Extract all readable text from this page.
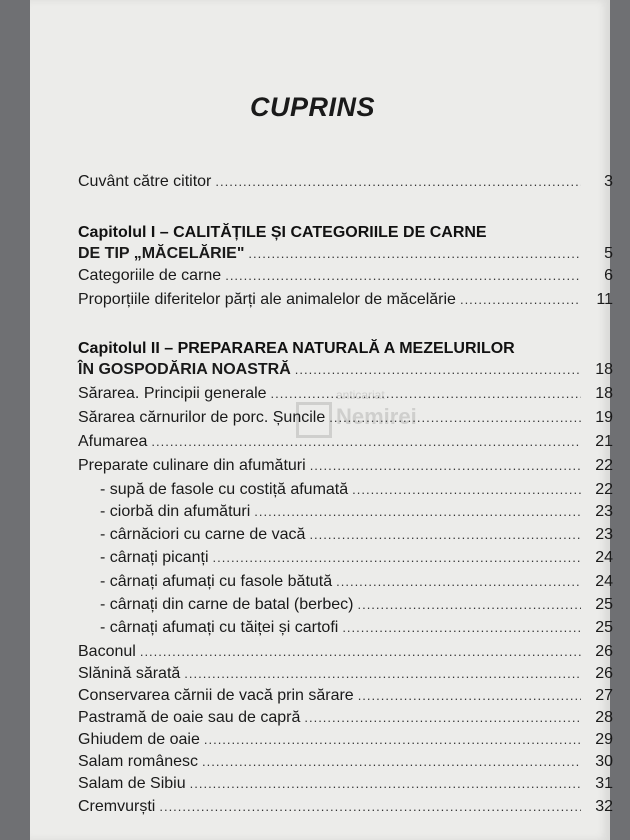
CUPRINS
anticariat
Nemirei
Cuvânt către cititor .....	3
Capitolul I – CALITĂȚILE ȘI CATEGORIILE DE CARNE
DE TIP „MĂCELĂRIE" .....	5
Categoriile de carne .....	6
Proporțiile diferitelor părți ale animalelor de măcelărie .....	11
Capitolul II – PREPARAREA NATURALĂ A MEZELURILOR
ÎN GOSPODĂRIA NOASTRĂ .....	18
Sărarea. Principii generale .....	18
Sărarea cărnurilor de porc. Șuncile .....	19
Afumarea .....	21
Preparate culinare din afumături .....	22
- supă de fasole cu costiță afumată .....	22
- ciorbă din afumături .....	23
- cârnăciori cu carne de vacă .....	23
- cârnați picanți .....	24
- cârnați afumați cu fasole bătută .....	24
- cârnați din carne de batal (berbec) .....	25
- cârnați afumați cu tăiței și cartofi .....	25
Baconul .....	26
Slănină sărată .....	26
Conservarea cărnii de vacă prin sărare .....	27
Pastramă de oaie sau de capră .....	28
Ghiudem de oaie .....	29
Salam românesc .....	30
Salam de Sibiu .....	31
Cremvurști .....	32
